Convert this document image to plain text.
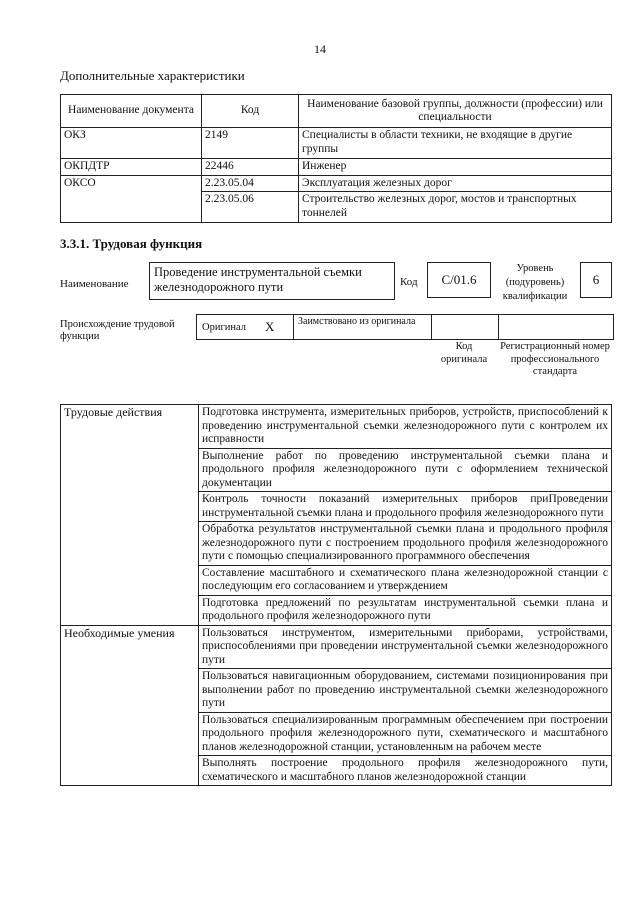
14
Дополнительные характеристики
Наименование документа	Код	Наименование базовой группы, должности (профессии) или специальности
ОКЗ	2149	Специалисты в области техники, не входящие в другие группы
ОКПДТР	22446	Инженер
ОКСО	2.23.05.04	Эксплуатация железных дорог
	2.23.05.06	Строительство железных дорог, мостов и транспортных тоннелей
3.3.1. Трудовая функция
Наименование
Проведение инструментальной съемки железнодорожного пути	Код	C/01.6
Уровень (подуровень) квалификации
6
Происхождение трудовой функции
Оригинал X Заимствовано из оригинала
Код оригинала
Регистрационный номер профессионального стандарта
Трудовые действия	Подготовка инструмента, измерительных приборов, устройств, приспособлений к проведению инструментальной съемки железнодорожного пути с контролем их исправности
	Выполнение работ по проведению инструментальной съемки плана и продольного профиля железнодорожного пути с оформлением технической документации
	Контроль точности показаний измерительных приборов приПроведении инструментальной съемки плана и продольного профиля железнодорожного пути
	Обработка результатов инструментальной съемки плана и продольного профиля железнодорожного пути с построением продольного профиля железнодорожного пути с помощью специализированного программного обеспечения
	Составление масштабного и схематического плана железнодорожной станции с последующим его согласованием и утверждением
	Подготовка предложений по результатам инструментальной съемки плана и продольного профиля железнодорожного пути
Необходимые умения	Пользоваться инструментом, измерительными приборами, устройствами, приспособлениями при проведении инструментальной съемки железнодорожного пути
	Пользоваться навигационным оборудованием, системами позиционирования при выполнении работ по проведению инструментальной съемки железнодорожного пути
	Пользоваться специализированным программным обеспечением при построении продольного профиля железнодорожного пути, схематического и масштабного планов железнодорожной станции, установленным на рабочем месте
	Выполнять построение продольного профиля железнодорожного пути, схематического и масштабного планов железнодорожной станции
